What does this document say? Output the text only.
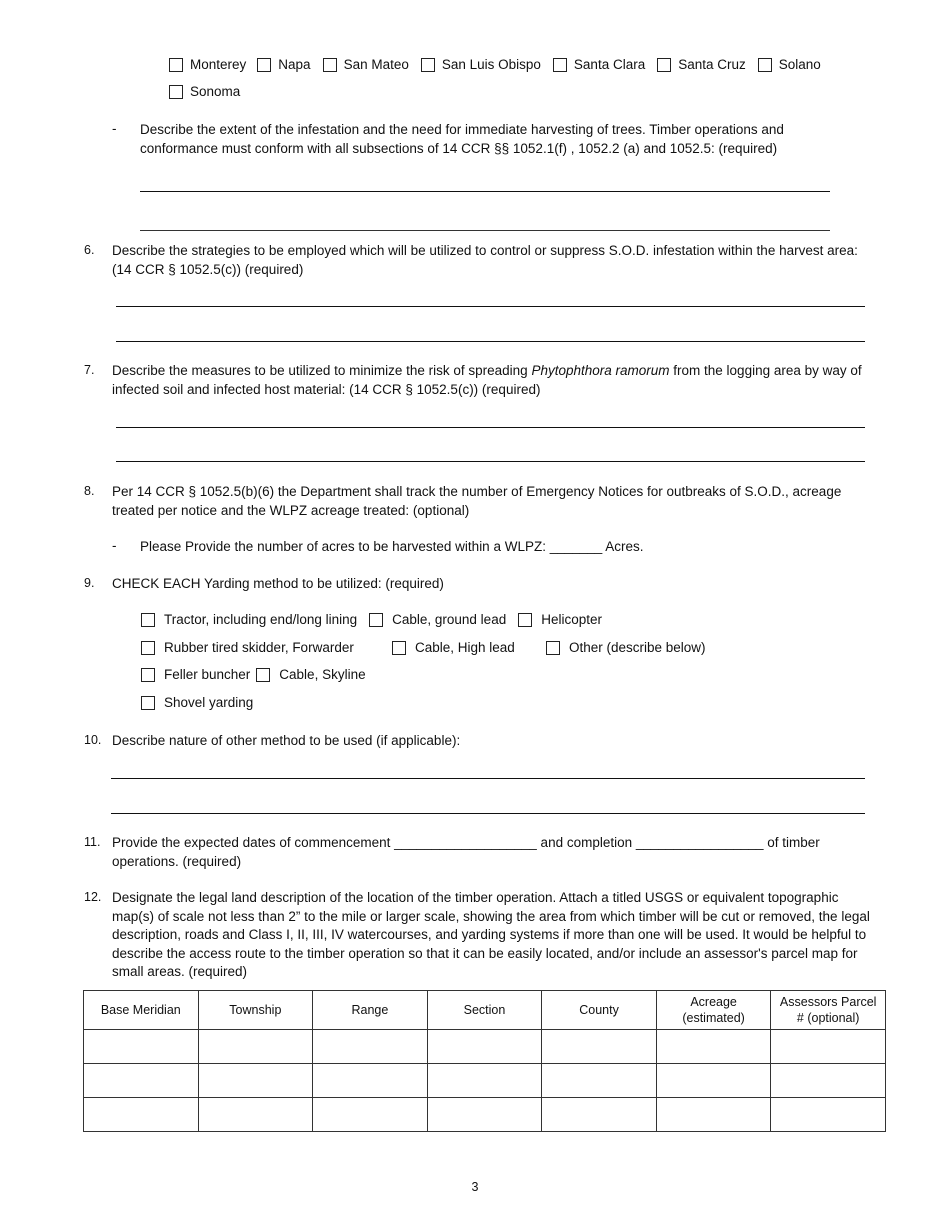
Monterey Napa San Mateo San Luis Obispo Santa Clara Santa Cruz Solano
Sonoma
- Describe the extent of the infestation and the need for immediate harvesting of trees. Timber operations and conformance must conform with all subsections of 14 CCR §§ 1052.1(f) , 1052.2 (a) and 1052.5: (required)
6. Describe the strategies to be employed which will be utilized to control or suppress S.O.D. infestation within the harvest area: (14 CCR § 1052.5(c)) (required)
7. Describe the measures to be utilized to minimize the risk of spreading Phytophthora ramorum from the logging area by way of infected soil and infected host material: (14 CCR § 1052.5(c)) (required)
8. Per 14 CCR § 1052.5(b)(6) the Department shall track the number of Emergency Notices for outbreaks of S.O.D., acreage treated per notice and the WLPZ acreage treated: (optional)
- Please Provide the number of acres to be harvested within a WLPZ: _______ Acres.
9. CHECK EACH Yarding method to be utilized: (required)
Tractor, including end/long lining	Cable, ground lead	Helicopter
Rubber tired skidder, Forwarder	Cable, High lead	Other (describe below)
Feller buncher Cable, Skyline
Shovel yarding
10. Describe nature of other method to be used (if applicable):
11. Provide the expected dates of commencement ___________________ and completion _________________ of timber operations. (required)
12. Designate the legal land description of the location of the timber operation. Attach a titled USGS or equivalent topographic map(s) of scale not less than 2” to the mile or larger scale, showing the area from which timber will be cut or removed, the legal description, roads and Class I, II, III, IV watercourses, and yarding systems if more than one will be used. It would be helpful to describe the access route to the timber operation so that it can be easily located, and/or include an assessor's parcel map for small areas. (required)
Base Meridian	Township	Range	Section	County	Acreage (estimated)	Assessors Parcel # (optional)

3
